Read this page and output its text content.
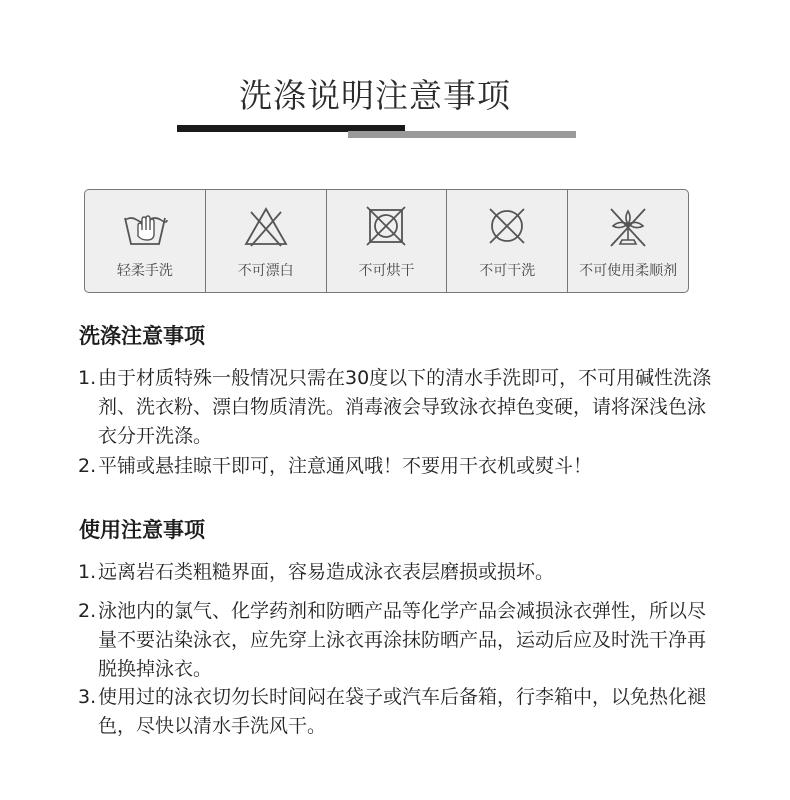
洗涤说明注意事项
轻柔手洗	不可漂白	不可烘干	不可干洗	不可使用柔顺剂
洗涤注意事项
1. 由于材质特殊一般情况只需在30度以下的清水手洗即可，不可用碱性洗涤剂、洗衣粉、漂白物质清洗。消毒液会导致泳衣掉色变硬，请将深浅色泳衣分开洗涤。
2. 平铺或悬挂晾干即可，注意通风哦！不要用干衣机或熨斗！
使用注意事项
1. 远离岩石类粗糙界面，容易造成泳衣表层磨损或损坏。
2. 泳池内的氯气、化学药剂和防晒产品等化学产品会减损泳衣弹性，所以尽量不要沾染泳衣，应先穿上泳衣再涂抹防晒产品，运动后应及时洗干净再脱换掉泳衣。
3. 使用过的泳衣切勿长时间闷在袋子或汽车后备箱，行李箱中，以免热化褪色，尽快以清水手洗风干。
